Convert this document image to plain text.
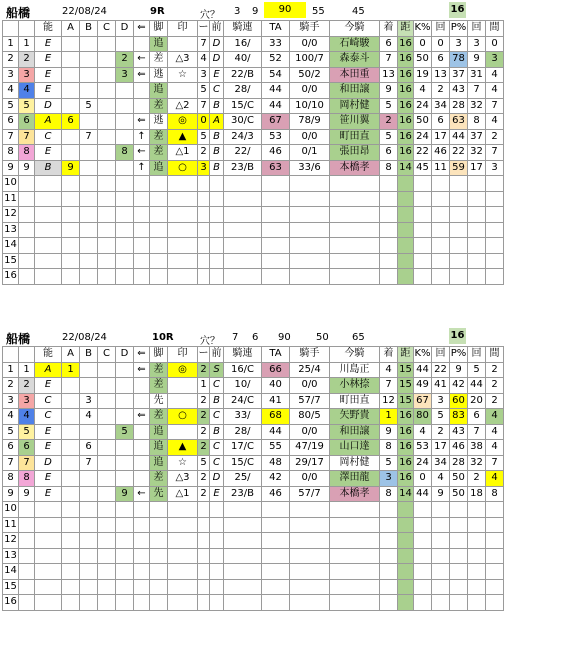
船橋	22/08/24	9R	穴？ 3 9	90	55	45	16
		能	A	B	C	D	⇐	脚	印	ー	前	騎連	TA	騎手	今騎	着	距	K%	回	P%	回	間
1	1	E						追		7	D	16/	33	0/0	石崎駿	6	16	0	0	3	3	0
2	2	E				2	←	差	△3	4	D	40/	52	100/7	森泰斗	7	16	50	6	78	9	3
3	3	E				3	⇐	逃	☆	3	E	22/B	54	50/2	本田重	13	16	19	13	37	31	4
4	4	E						追		5	C	28/	44	0/0	和田譲	9	16	4	2	43	7	4
5	5	D		5				差	△2	7	B	15/C	44	10/10	岡村健	5	16	24	34	28	32	7
6	6	A	6				⇐	逃	◎	0	A	30/C	67	78/9	笹川翼	2	16	50	6	63	8	4
7	7	C		7			↑	差	▲	5	B	24/3	53	0/0	町田直	5	16	24	17	44	37	2
8	8	E				8	←	差	△1	2	B	22/	46	0/1	張田昂	6	16	22	46	22	32	7
9	9	B	9				↑	追	○	3	B	23/B	63	33/6	本橋孝	8	14	45	11	59	17	3
10																						
11																						
12																						
13																						
14																						
15																						
16																						
船橋	22/08/24	10R	穴？ 7 6 90	50 65	16
		能	A	B	C	D	⇐	脚	印	ー	前	騎連	TA	騎手	今騎	着	距	K%	回	P%	回	間
1	1	A	1				⇐	差	◎	2	S	16/C	66	25/4	川島正	4	15	44	22	9	5	2
2	2	E						差		1	C	10/	40	0/0	小林捺	7	15	49	41	42	44	2
3	3	C		3				先		2	B	24/C	41	57/7	町田直	12	15	67	3	60	20	2
4	4	C		4			⇐	差	○	2	C	33/	68	80/5	矢野貴	1	16	80	5	83	6	4
5	5	E				5		追		2	B	28/	44	0/0	和田譲	9	16	4	2	43	7	4
6	6	E		6				追	▲	2	C	17/C	55	47/19	山口達	8	16	53	17	46	38	4
7	7	D		7				追	☆	5	C	15/C	48	29/17	岡村健	5	16	24	34	28	32	7
8	8	E						差	△3	2	D	25/	42	0/0	澤田龍	3	16	0	4	50	2	4
9	9	E				9	←	先	△1	2	E	23/B	46	57/7	本橋孝	8	14	44	9	50	18	8
10																						
11																						
12																						
13																						
14																						
15																						
16																						
